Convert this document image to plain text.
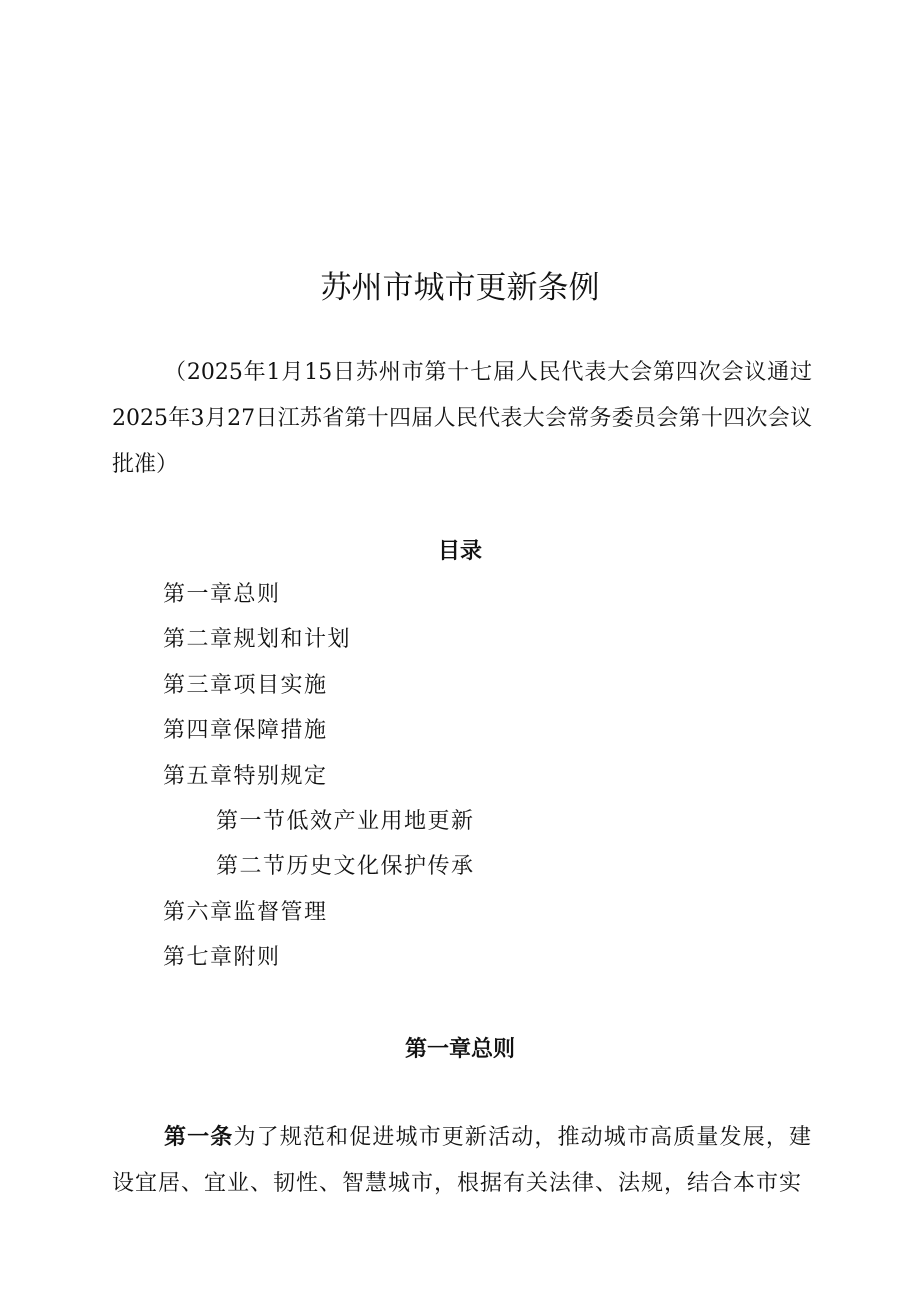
苏州市城市更新条例

（2025年1月15日苏州市第十七届人民代表大会第四次会议通过2025年3月27日江苏省第十四届人民代表大会常务委员会第十四次会议批准）

目录
第一章总则
第二章规划和计划
第三章项目实施
第四章保障措施
第五章特别规定
第一节低效产业用地更新
第二节历史文化保护传承
第六章监督管理
第七章附则
第一章总则

第一条为了规范和促进城市更新活动，推动城市高质量发展，建设宜居、宜业、韧性、智慧城市，根据有关法律、法规，结合本市实
